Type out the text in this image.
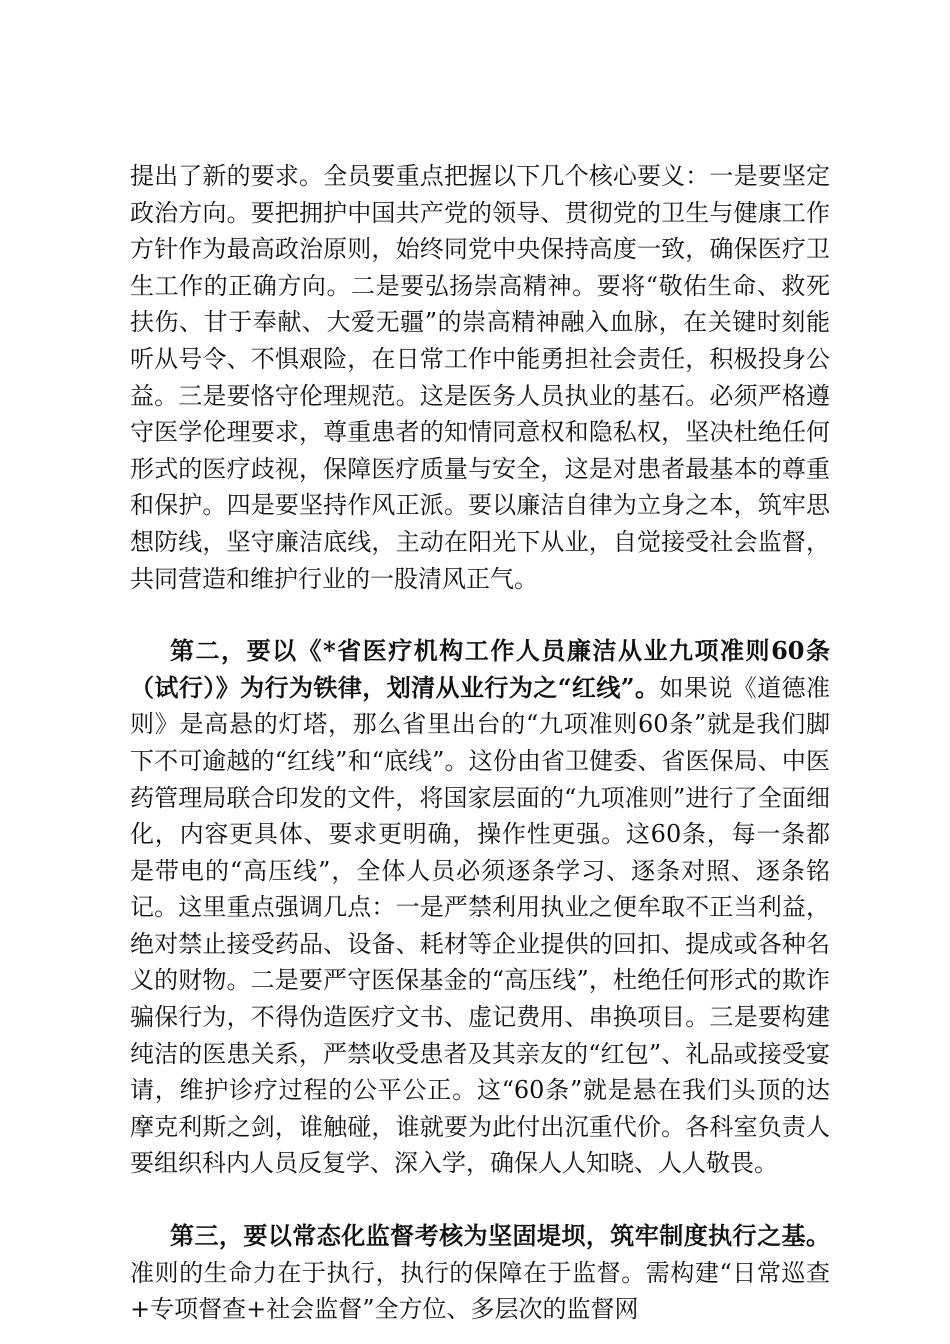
提出了新的要求。全员要重点把握以下几个核心要义：一是要坚定政治方向。要把拥护中国共产党的领导、贯彻党的卫生与健康工作方针作为最高政治原则，始终同党中央保持高度一致，确保医疗卫生工作的正确方向。二是要弘扬崇高精神。要将“敬佑生命、救死扶伤、甘于奉献、大爱无疆”的崇高精神融入血脉，在关键时刻能听从号令、不惧艰险，在日常工作中能勇担社会责任，积极投身公益。三是要恪守伦理规范。这是医务人员执业的基石。必须严格遵守医学伦理要求，尊重患者的知情同意权和隐私权，坚决杜绝任何形式的医疗歧视，保障医疗质量与安全，这是对患者最基本的尊重和保护。四是要坚持作风正派。要以廉洁自律为立身之本，筑牢思想防线，坚守廉洁底线，主动在阳光下从业，自觉接受社会监督，共同营造和维护行业的一股清风正气。

第二，要以《*省医疗机构工作人员廉洁从业九项准则60条（试行）》为行为铁律，划清从业行为之“红线”。如果说《道德准则》是高悬的灯塔，那么省里出台的“九项准则60条”就是我们脚下不可逾越的“红线”和“底线”。这份由省卫健委、省医保局、中医药管理局联合印发的文件，将国家层面的“九项准则”进行了全面细化，内容更具体、要求更明确，操作性更强。这60条，每一条都是带电的“高压线”，全体人员必须逐条学习、逐条对照、逐条铭记。这里重点强调几点：一是严禁利用执业之便牟取不正当利益，绝对禁止接受药品、设备、耗材等企业提供的回扣、提成或各种名义的财物。二是要严守医保基金的“高压线”，杜绝任何形式的欺诈骗保行为，不得伪造医疗文书、虚记费用、串换项目。三是要构建纯洁的医患关系，严禁收受患者及其亲友的“红包”、礼品或接受宴请，维护诊疗过程的公平公正。这“60条”就是悬在我们头顶的达摩克利斯之剑，谁触碰，谁就要为此付出沉重代价。各科室负责人要组织科内人员反复学、深入学，确保人人知晓、人人敬畏。

第三，要以常态化监督考核为坚固堤坝，筑牢制度执行之基。准则的生命力在于执行，执行的保障在于监督。需构建“日常巡查+专项督查+社会监督”全方位、多层次的监督网
